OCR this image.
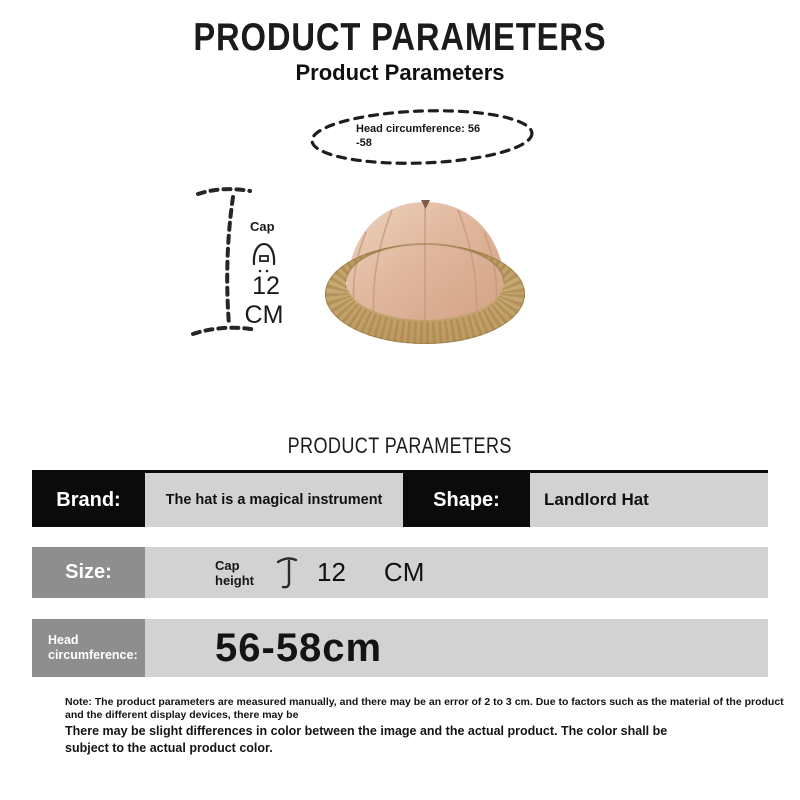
PRODUCT PARAMETERS
Product Parameters
Head circumference: 56
-58
Cap
12
CM
PRODUCT PARAMETERS
Brand:	The hat is a magical instrument	Shape:	Landlord Hat
Size:	Cap height	12 CM
Head circumference:	56-58cm
Note: The product parameters are measured manually, and there may be an error of 2 to 3 cm. Due to factors such as the material of the product
and the different display devices, there may be
There may be slight differences in color between the image and the actual product. The color shall be
subject to the actual product color.
